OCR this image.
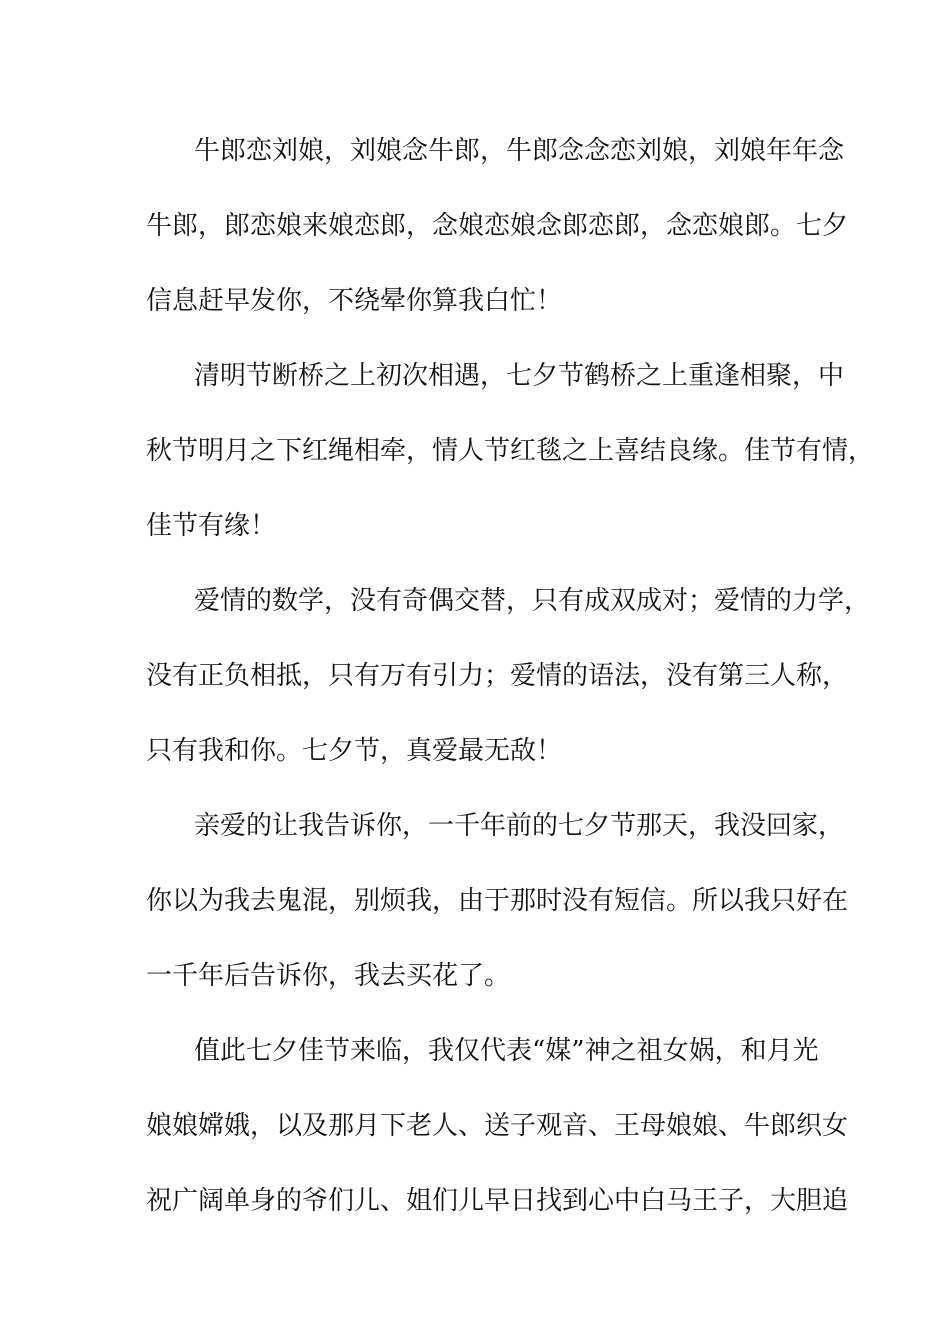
牛郎恋刘娘，刘娘念牛郎，牛郎念念恋刘娘，刘娘年年念
牛郎，郎恋娘来娘恋郎，念娘恋娘念郎恋郎，念恋娘郎。七夕
信息赶早发你，不绕晕你算我白忙！
清明节断桥之上初次相遇，七夕节鹤桥之上重逢相聚，中
秋节明月之下红绳相牵，情人节红毯之上喜结良缘。佳节有情，
佳节有缘！
爱情的数学，没有奇偶交替，只有成双成对；爱情的力学，
没有正负相抵，只有万有引力；爱情的语法，没有第三人称，
只有我和你。七夕节，真爱最无敌！
亲爱的让我告诉你，一千年前的七夕节那天，我没回家，
你以为我去鬼混，别烦我，由于那时没有短信。所以我只好在
一千年后告诉你，我去买花了。
值此七夕佳节来临，我仅代表“媒”神之祖女娲，和月光
娘娘嫦娥，以及那月下老人、送子观音、王母娘娘、牛郎织女
祝广阔单身的爷们儿、姐们儿早日找到心中白马王子，大胆追
